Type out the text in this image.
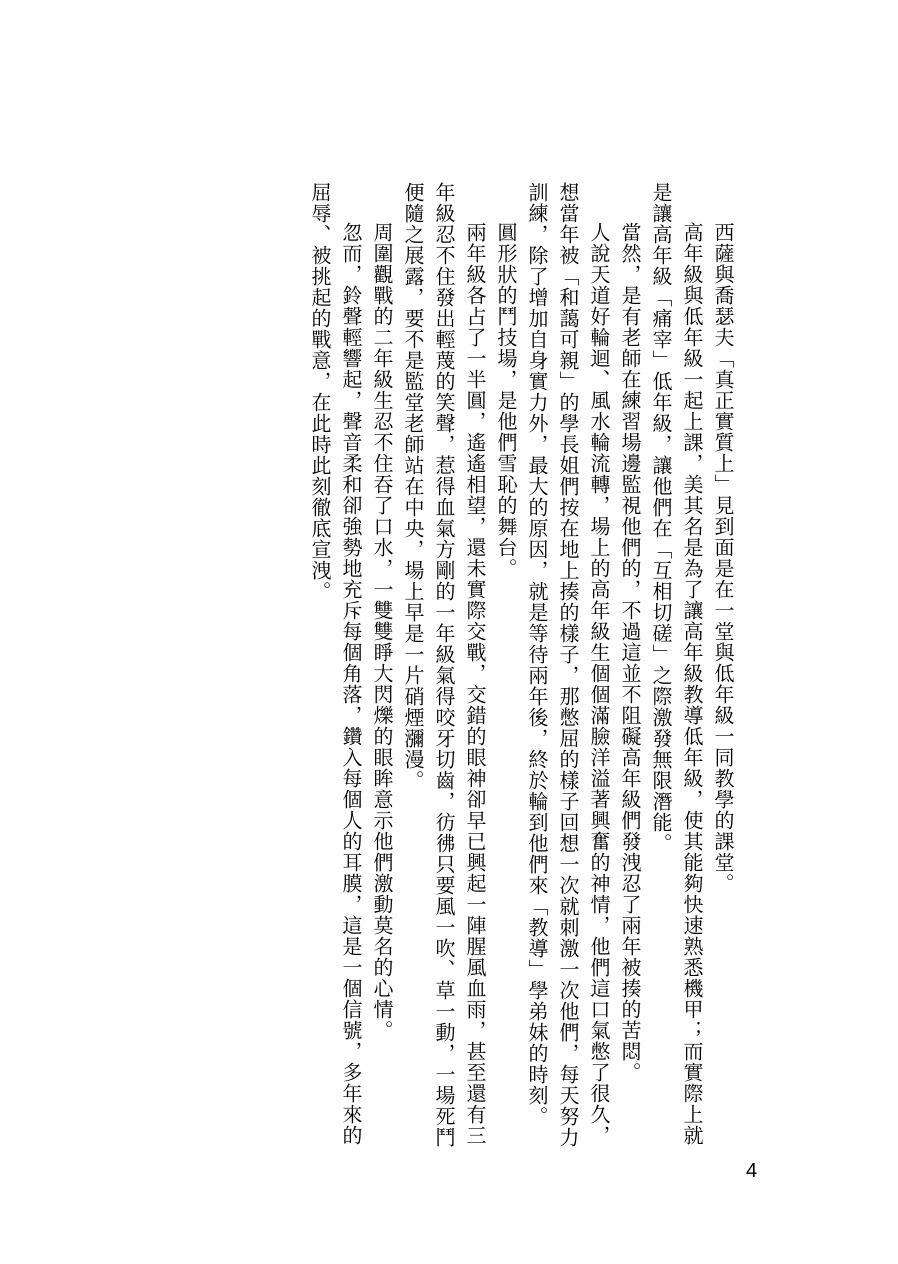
西薩與喬瑟夫「真正實質上」見到面是在一堂與低年級一同教學的課堂。

高年級與低年級一起上課，美其名是為了讓高年級教導低年級，使其能夠快速熟悉機甲；而實際上就是讓高年級「痛宰」低年級，讓他們在「互相切磋」之際激發無限潛能。

當然，是有老師在練習場邊監視他們的，不過這並不阻礙高年級們發洩忍了兩年被揍的苦悶。

人說天道好輪迴、風水輪流轉，場上的高年級生個個滿臉洋溢著興奮的神情，他們這口氣憋了很久，想當年被「和藹可親」的學長姐們按在地上揍的樣子，那憋屈的樣子回想一次就刺激一次他們，每天努力訓練，除了增加自身實力外，最大的原因，就是等待兩年後，終於輪到他們來「教導」學弟妹的時刻。

圓形狀的鬥技場，是他們雪恥的舞台。

兩年級各占了一半圓，遙遙相望，還未實際交戰，交錯的眼神卻早已興起一陣腥風血雨，甚至還有三年級忍不住發出輕蔑的笑聲，惹得血氣方剛的一年級氣得咬牙切齒，彷彿只要風一吹、草一動，一場死鬥便隨之展露，要不是監堂老師站在中央，場上早是一片硝煙瀰漫。

周圍觀戰的二年級生忍不住吞了口水，一雙雙睜大閃爍的眼眸意示他們激動莫名的心情。

忽而，鈴聲輕響起，聲音柔和卻強勢地充斥每個角落，鑽入每個人的耳膜，這是一個信號，多年來的屈辱、被挑起的戰意，在此時此刻徹底宣洩。

4
